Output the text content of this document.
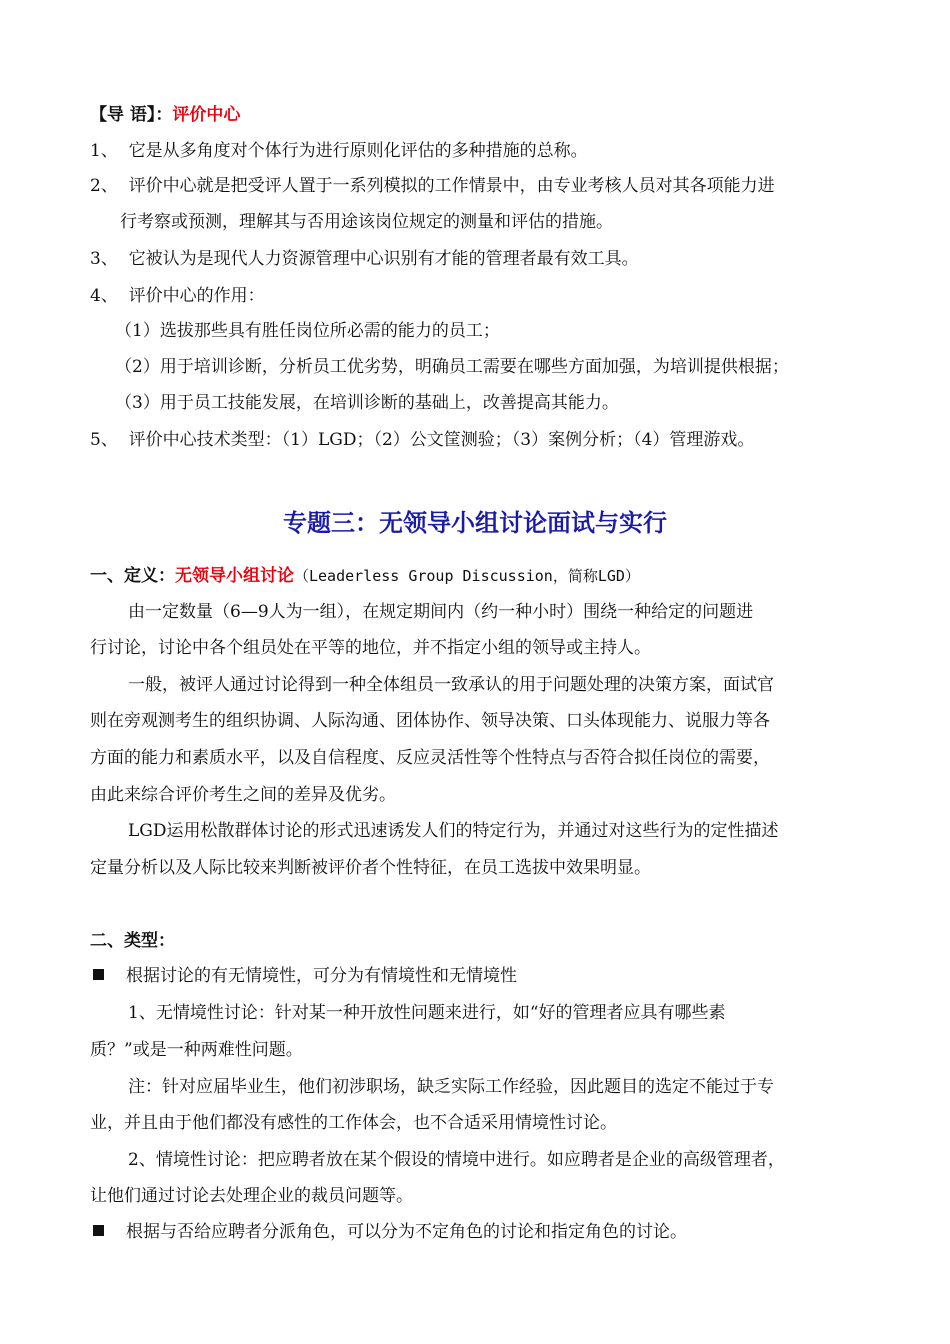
【导 语】：评价中心
1、 它是从多角度对个体行为进行原则化评估的多种措施的总称。
2、 评价中心就是把受评人置于一系列模拟的工作情景中，由专业考核人员对其各项能力进
行考察或预测，理解其与否用途该岗位规定的测量和评估的措施。
3、 它被认为是现代人力资源管理中心识别有才能的管理者最有效工具。
4、 评价中心的作用：
（1）选拔那些具有胜任岗位所必需的能力的员工；
（2）用于培训诊断，分析员工优劣势，明确员工需要在哪些方面加强，为培训提供根据；
（3）用于员工技能发展，在培训诊断的基础上，改善提高其能力。
5、 评价中心技术类型：（1）LGD；（2）公文筐测验；（3）案例分析；（4）管理游戏。
专题三：无领导小组讨论面试与实行
一、定义：无领导小组讨论（Leaderless Group Discussion，简称LGD）
由一定数量（6—9人为一组），在规定期间内（约一种小时）围绕一种给定的问题进
行讨论，讨论中各个组员处在平等的地位，并不指定小组的领导或主持人。
一般，被评人通过讨论得到一种全体组员一致承认的用于问题处理的决策方案，面试官
则在旁观测考生的组织协调、人际沟通、团体协作、领导决策、口头体现能力、说服力等各
方面的能力和素质水平，以及自信程度、反应灵活性等个性特点与否符合拟任岗位的需要，
由此来综合评价考生之间的差异及优劣。
LGD运用松散群体讨论的形式迅速诱发人们的特定行为，并通过对这些行为的定性描述
定量分析以及人际比较来判断被评价者个性特征，在员工选拔中效果明显。
二、类型：
根据讨论的有无情境性，可分为有情境性和无情境性
1、无情境性讨论：针对某一种开放性问题来进行，如“好的管理者应具有哪些素
质？”或是一种两难性问题。
注：针对应届毕业生，他们初涉职场，缺乏实际工作经验，因此题目的选定不能过于专
业，并且由于他们都没有感性的工作体会，也不合适采用情境性讨论。
2、情境性讨论：把应聘者放在某个假设的情境中进行。如应聘者是企业的高级管理者，
让他们通过讨论去处理企业的裁员问题等。
根据与否给应聘者分派角色，可以分为不定角色的讨论和指定角色的讨论。
